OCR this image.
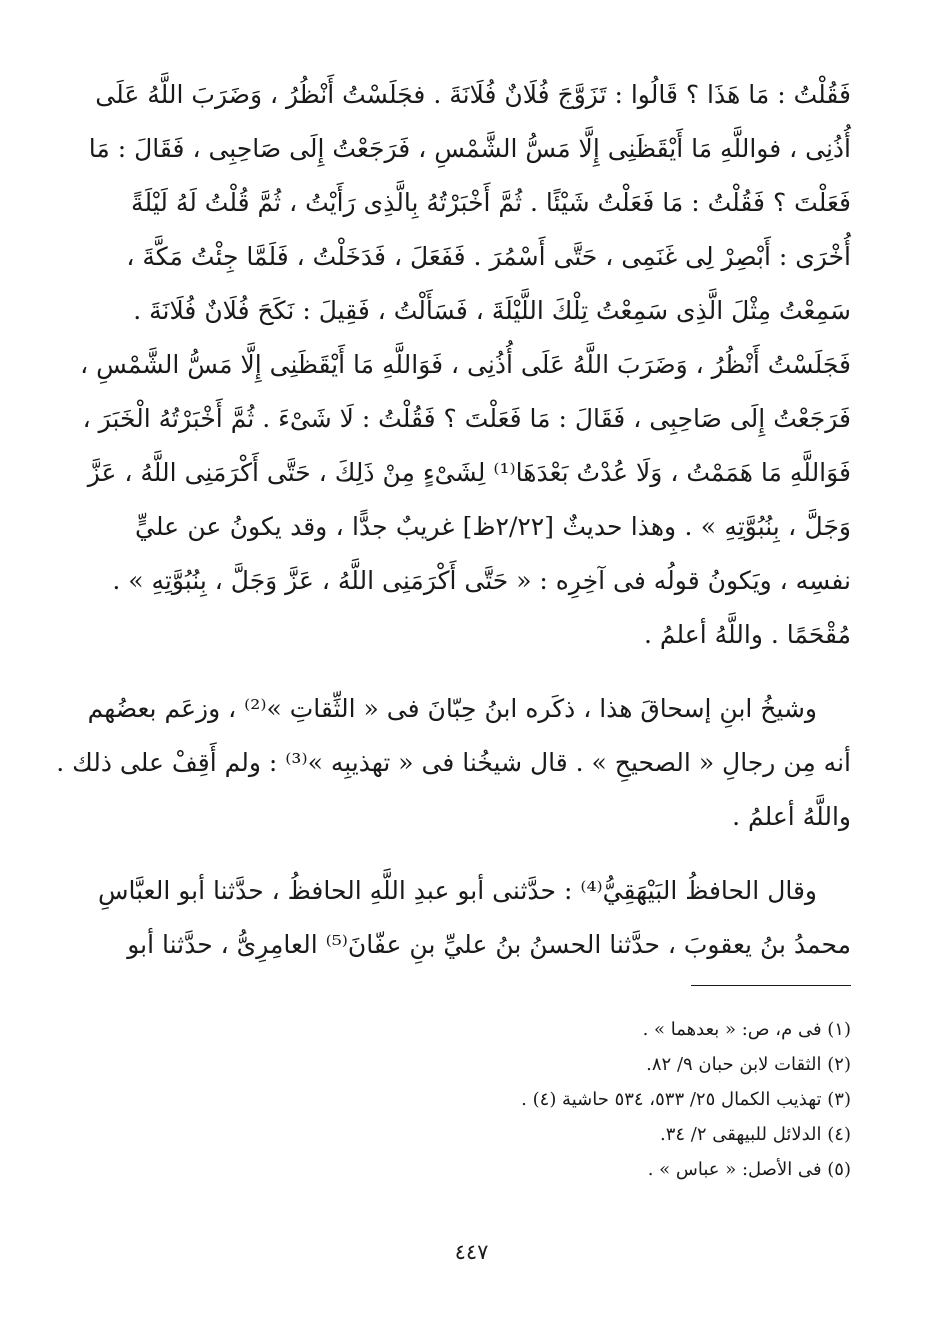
فَقُلْتُ : مَا هَذَا ؟ قَالُوا : تَزَوَّجَ فُلَانٌ فُلَانَةَ . فجَلَسْتُ أَنْظُرُ ، وَضَرَبَ اللَّهُ عَلَى
أُذُنِى ، فواللَّهِ مَا أَيْقَظَنِى إِلَّا مَسُّ الشَّمْسِ ، فَرَجَعْتُ إِلَى صَاحِبِى ، فَقَالَ : مَا
فَعَلْتَ ؟ فَقُلْتُ : مَا فَعَلْتُ شَيْئًا . ثُمَّ أَخْبَرْتُهُ بِالَّذِى رَأَيْتُ ، ثُمَّ قُلْتُ لَهُ لَيْلَةً
أُخْرَى : أَبْصِرْ لِى غَنَمِى ، حَتَّى أَسْمُرَ . فَفَعَلَ ، فَدَخَلْتُ ، فَلَمَّا جِئْتُ مَكَّةَ ،
سَمِعْتُ مِثْلَ الَّذِى سَمِعْتُ تِلْكَ اللَّيْلَةَ ، فَسَأَلْتُ ، فَقِيلَ : نَكَحَ فُلَانٌ فُلَانَةَ .
فَجَلَسْتُ أَنْظُرُ ، وَضَرَبَ اللَّهُ عَلَى أُذُنِى ، فَوَاللَّهِ مَا أَيْقَظَنِى إِلَّا مَسُّ الشَّمْسِ ،
فَرَجَعْتُ إِلَى صَاحِبِى ، فَقَالَ : مَا فَعَلْتَ ؟ فَقُلْتُ : لَا شَىْءَ . ثُمَّ أَخْبَرْتُهُ الْخَبَرَ ،
فَوَاللَّهِ مَا هَمَمْتُ ، وَلَا عُدْتُ بَعْدَهَا⁽¹⁾ لِشَىْءٍ مِنْ ذَلِكَ ، حَتَّى أَكْرَمَنِى اللَّهُ ، عَزَّ
وَجَلَّ ، بِنُبُوَّتِهِ » . وهذا حديثٌ [٢/٢٢ظ] غريبٌ جدًّا ، وقد يكونُ عن عليٍّ
نفسِه ، ويَكونُ قولُه فى آخِرِه : « حَتَّى أَكْرَمَنِى اللَّهُ ، عَزَّ وَجَلَّ ، بِنُبُوَّتِهِ » .
مُقْحَمًا . واللَّهُ أعلمُ .
وشيخُ ابنِ إسحاقَ هذا ، ذكَره ابنُ حِبّانَ فى « الثِّقاتِ »⁽²⁾ ، وزعَم بعضُهم
أنه مِن رجالِ « الصحيحِ » . قال شيخُنا فى « تهذيبِه »⁽³⁾ : ولم أَقِفْ على ذلك .
واللَّهُ أعلمُ .
وقال الحافظُ البَيْهَقِيُّ⁽⁴⁾ : حدَّثنى أبو عبدِ اللَّهِ الحافظُ ، حدَّثنا أبو العبَّاسِ
محمدُ بنُ يعقوبَ ، حدَّثنا الحسنُ بنُ عليِّ بنِ عفّانَ⁽⁵⁾ العامِرِىُّ ، حدَّثنا أبو
(١) فى م، ص: « بعدهما » .
(٢) الثقات لابن حبان ٩/ ٨٢.
(٣) تهذيب الكمال ٢٥/ ٥٣٣، ٥٣٤ حاشية (٤) .
(٤) الدلائل للبيهقى ٢/ ٣٤.
(٥) فى الأصل: « عباس » .
٤٤٧
